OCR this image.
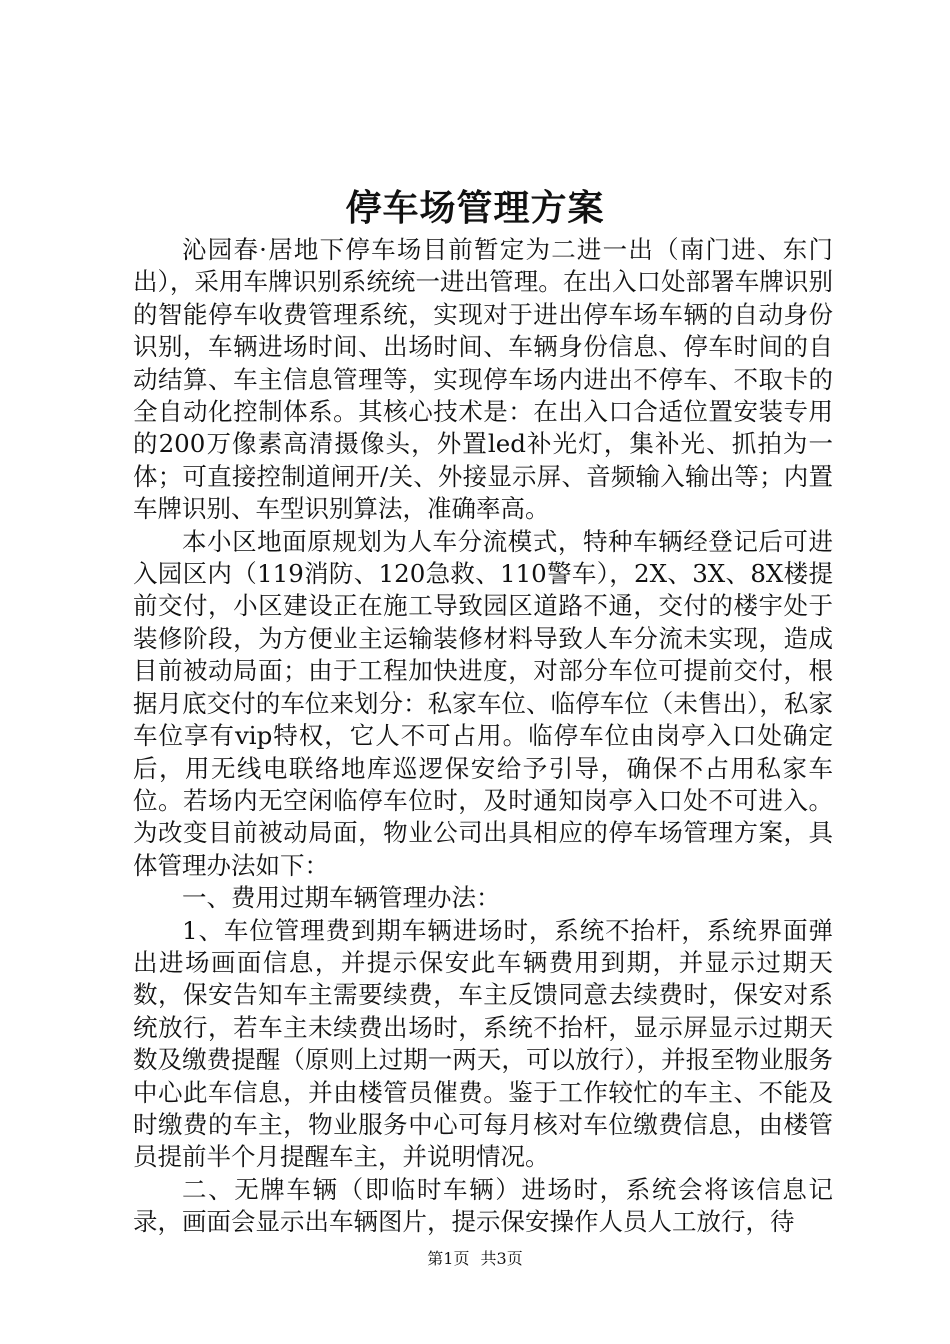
停车场管理方案

沁园春·居地下停车场目前暂定为二进一出（南门进、东门出），采用车牌识别系统统一进出管理。在出入口处部署车牌识别的智能停车收费管理系统，实现对于进出停车场车辆的自动身份识别，车辆进场时间、出场时间、车辆身份信息、停车时间的自动结算、车主信息管理等，实现停车场内进出不停车、不取卡的全自动化控制体系。其核心技术是：在出入口合适位置安装专用的200万像素高清摄像头，外置led补光灯，集补光、抓拍为一体；可直接控制道闸开/关、外接显示屏、音频输入输出等；内置车牌识别、车型识别算法，准确率高。

本小区地面原规划为人车分流模式，特种车辆经登记后可进入园区内（119消防、120急救、110警车），2X、3X、8X楼提前交付，小区建设正在施工导致园区道路不通，交付的楼宇处于装修阶段，为方便业主运输装修材料导致人车分流未实现，造成目前被动局面；由于工程加快进度，对部分车位可提前交付，根据月底交付的车位来划分：私家车位、临停车位（未售出），私家车位享有vip特权，它人不可占用。临停车位由岗亭入口处确定后，用无线电联络地库巡逻保安给予引导，确保不占用私家车位。若场内无空闲临停车位时，及时通知岗亭入口处不可进入。为改变目前被动局面，物业公司出具相应的停车场管理方案，具体管理办法如下：

一、费用过期车辆管理办法：

1、车位管理费到期车辆进场时，系统不抬杆，系统界面弹出进场画面信息，并提示保安此车辆费用到期，并显示过期天数，保安告知车主需要续费，车主反馈同意去续费时，保安对系统放行，若车主未续费出场时，系统不抬杆，显示屏显示过期天数及缴费提醒（原则上过期一两天，可以放行），并报至物业服务中心此车信息，并由楼管员催费。鉴于工作较忙的车主、不能及时缴费的车主，物业服务中心可每月核对车位缴费信息，由楼管员提前半个月提醒车主，并说明情况。

二、无牌车辆（即临时车辆）进场时，系统会将该信息记录，画面会显示出车辆图片，提示保安操作人员人工放行，待

第1页 共3页
